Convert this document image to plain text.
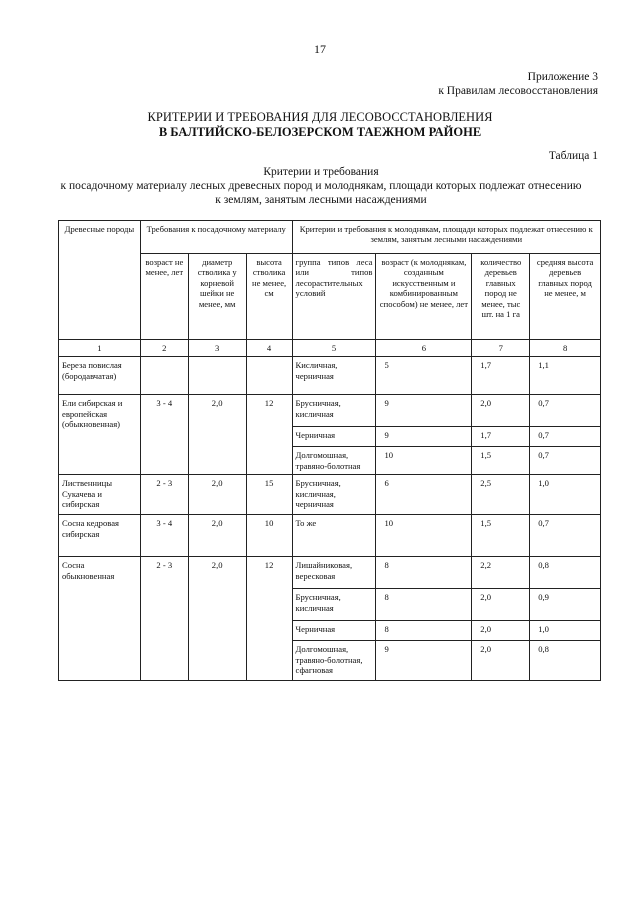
17
Приложение 3
к Правилам лесовосстановления
КРИТЕРИИ И ТРЕБОВАНИЯ ДЛЯ ЛЕСОВОССТАНОВЛЕНИЯ
В БАЛТИЙСКО-БЕЛОЗЕРСКОМ ТАЕЖНОМ РАЙОНЕ
Таблица 1
Критерии и требования
к посадочному материалу лесных древесных пород и молоднякам, площади которых подлежат отнесению
к землям, занятым лесными насаждениями
Древесные породы	Требования к посадочному материалу			Критерии и требования к молоднякам, площади которых подлежат отнесению к землям, занятым лесными насаждениями			
	возраст не менее, лет	диаметр стволика у корневой шейки не менее, мм	высота стволика не менее, см	группа типов леса или типов лесорастительных условий	возраст (к молоднякам, созданным искусственным и комбинированным способом) не менее, лет	количество деревьев главных пород не менее, тыс шт. на 1 га	средняя высота деревьев главных пород не менее, м
1	2	3	4	5	6	7	8
Береза повислая (бородавчатая)				Кисличная, черничная	5	1,7	1,1
Ели сибирская и европейская (обыкновенная)	3 - 4	2,0	12	Брусничная, кисличная	9	2,0	0,7
				Черничная	9	1,7	0,7
				Долгомошная, травяно-болотная	10	1,5	0,7
Лиственницы Сукачева и сибирская	2 - 3	2,0	15	Брусничная, кисличная, черничная	6	2,5	1,0
Сосна кедровая сибирская	3 - 4	2,0	10	То же	10	1,5	0,7
Сосна обыкновенная	2 - 3	2,0	12	Лишайниковая, вересковая	8	2,2	0,8
				Брусничная, кисличная	8	2,0	0,9
				Черничная	8	2,0	1,0
				Долгомошная, травяно-болотная, сфагновая	9	2,0	0,8
